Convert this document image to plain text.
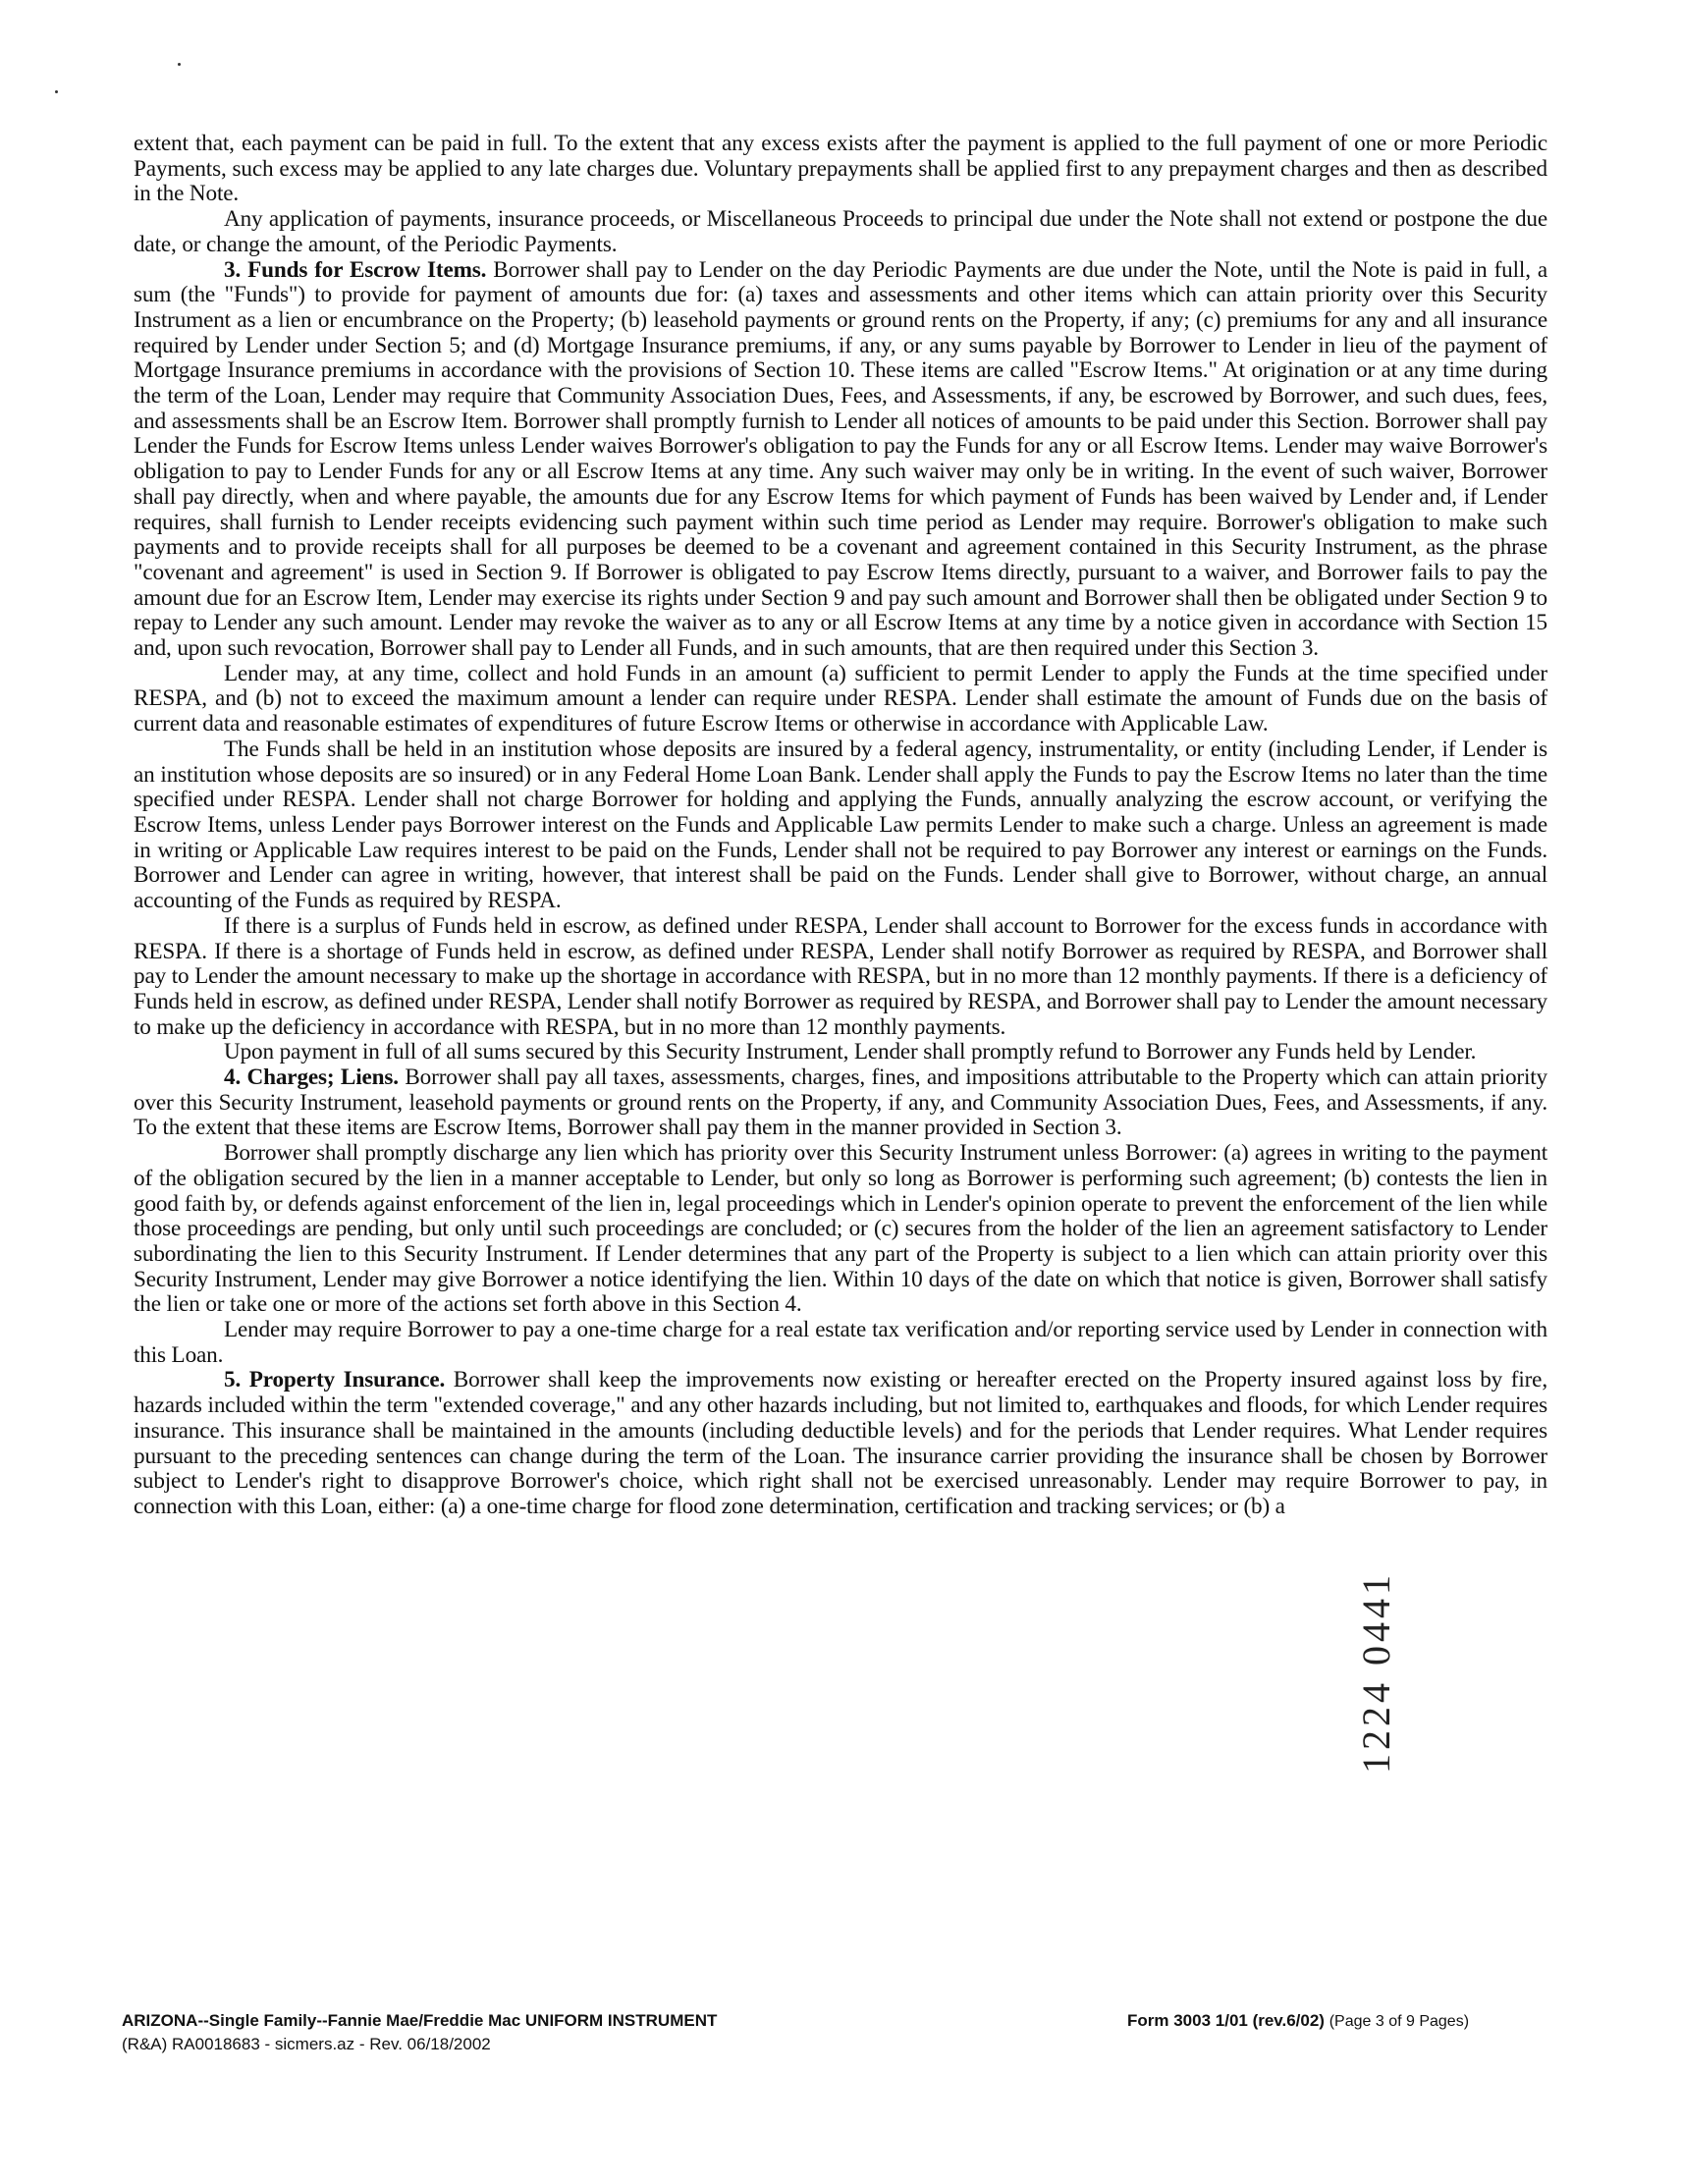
extent that, each payment can be paid in full. To the extent that any excess exists after the payment is applied to the full payment of one or more Periodic Payments, such excess may be applied to any late charges due. Voluntary prepayments shall be applied first to any prepayment charges and then as described in the Note.

Any application of payments, insurance proceeds, or Miscellaneous Proceeds to principal due under the Note shall not extend or postpone the due date, or change the amount, of the Periodic Payments.

3. Funds for Escrow Items. Borrower shall pay to Lender on the day Periodic Payments are due under the Note, until the Note is paid in full, a sum (the "Funds") to provide for payment of amounts due for: (a) taxes and assessments and other items which can attain priority over this Security Instrument as a lien or encumbrance on the Property; (b) leasehold payments or ground rents on the Property, if any; (c) premiums for any and all insurance required by Lender under Section 5; and (d) Mortgage Insurance premiums, if any, or any sums payable by Borrower to Lender in lieu of the payment of Mortgage Insurance premiums in accordance with the provisions of Section 10. These items are called "Escrow Items." At origination or at any time during the term of the Loan, Lender may require that Community Association Dues, Fees, and Assessments, if any, be escrowed by Borrower, and such dues, fees, and assessments shall be an Escrow Item. Borrower shall promptly furnish to Lender all notices of amounts to be paid under this Section. Borrower shall pay Lender the Funds for Escrow Items unless Lender waives Borrower's obligation to pay the Funds for any or all Escrow Items. Lender may waive Borrower's obligation to pay to Lender Funds for any or all Escrow Items at any time. Any such waiver may only be in writing. In the event of such waiver, Borrower shall pay directly, when and where payable, the amounts due for any Escrow Items for which payment of Funds has been waived by Lender and, if Lender requires, shall furnish to Lender receipts evidencing such payment within such time period as Lender may require. Borrower's obligation to make such payments and to provide receipts shall for all purposes be deemed to be a covenant and agreement contained in this Security Instrument, as the phrase "covenant and agreement" is used in Section 9. If Borrower is obligated to pay Escrow Items directly, pursuant to a waiver, and Borrower fails to pay the amount due for an Escrow Item, Lender may exercise its rights under Section 9 and pay such amount and Borrower shall then be obligated under Section 9 to repay to Lender any such amount. Lender may revoke the waiver as to any or all Escrow Items at any time by a notice given in accordance with Section 15 and, upon such revocation, Borrower shall pay to Lender all Funds, and in such amounts, that are then required under this Section 3.

Lender may, at any time, collect and hold Funds in an amount (a) sufficient to permit Lender to apply the Funds at the time specified under RESPA, and (b) not to exceed the maximum amount a lender can require under RESPA. Lender shall estimate the amount of Funds due on the basis of current data and reasonable estimates of expenditures of future Escrow Items or otherwise in accordance with Applicable Law.

The Funds shall be held in an institution whose deposits are insured by a federal agency, instrumentality, or entity (including Lender, if Lender is an institution whose deposits are so insured) or in any Federal Home Loan Bank. Lender shall apply the Funds to pay the Escrow Items no later than the time specified under RESPA. Lender shall not charge Borrower for holding and applying the Funds, annually analyzing the escrow account, or verifying the Escrow Items, unless Lender pays Borrower interest on the Funds and Applicable Law permits Lender to make such a charge. Unless an agreement is made in writing or Applicable Law requires interest to be paid on the Funds, Lender shall not be required to pay Borrower any interest or earnings on the Funds. Borrower and Lender can agree in writing, however, that interest shall be paid on the Funds. Lender shall give to Borrower, without charge, an annual accounting of the Funds as required by RESPA.

If there is a surplus of Funds held in escrow, as defined under RESPA, Lender shall account to Borrower for the excess funds in accordance with RESPA. If there is a shortage of Funds held in escrow, as defined under RESPA, Lender shall notify Borrower as required by RESPA, and Borrower shall pay to Lender the amount necessary to make up the shortage in accordance with RESPA, but in no more than 12 monthly payments. If there is a deficiency of Funds held in escrow, as defined under RESPA, Lender shall notify Borrower as required by RESPA, and Borrower shall pay to Lender the amount necessary to make up the deficiency in accordance with RESPA, but in no more than 12 monthly payments.

Upon payment in full of all sums secured by this Security Instrument, Lender shall promptly refund to Borrower any Funds held by Lender.

4. Charges; Liens. Borrower shall pay all taxes, assessments, charges, fines, and impositions attributable to the Property which can attain priority over this Security Instrument, leasehold payments or ground rents on the Property, if any, and Community Association Dues, Fees, and Assessments, if any. To the extent that these items are Escrow Items, Borrower shall pay them in the manner provided in Section 3.

Borrower shall promptly discharge any lien which has priority over this Security Instrument unless Borrower: (a) agrees in writing to the payment of the obligation secured by the lien in a manner acceptable to Lender, but only so long as Borrower is performing such agreement; (b) contests the lien in good faith by, or defends against enforcement of the lien in, legal proceedings which in Lender's opinion operate to prevent the enforcement of the lien while those proceedings are pending, but only until such proceedings are concluded; or (c) secures from the holder of the lien an agreement satisfactory to Lender subordinating the lien to this Security Instrument. If Lender determines that any part of the Property is subject to a lien which can attain priority over this Security Instrument, Lender may give Borrower a notice identifying the lien. Within 10 days of the date on which that notice is given, Borrower shall satisfy the lien or take one or more of the actions set forth above in this Section 4.

Lender may require Borrower to pay a one-time charge for a real estate tax verification and/or reporting service used by Lender in connection with this Loan.

5. Property Insurance. Borrower shall keep the improvements now existing or hereafter erected on the Property insured against loss by fire, hazards included within the term "extended coverage," and any other hazards including, but not limited to, earthquakes and floods, for which Lender requires insurance. This insurance shall be maintained in the amounts (including deductible levels) and for the periods that Lender requires. What Lender requires pursuant to the preceding sentences can change during the term of the Loan. The insurance carrier providing the insurance shall be chosen by Borrower subject to Lender's right to disapprove Borrower's choice, which right shall not be exercised unreasonably. Lender may require Borrower to pay, in connection with this Loan, either: (a) a one-time charge for flood zone determination, certification and tracking services; or (b) a

1224 0441
ARIZONA--Single Family--Fannie Mae/Freddie Mac UNIFORM INSTRUMENT
(R&A) RA0018683 - sicmers.az - Rev. 06/18/2002
Form 3003 1/01 (rev.6/02) (Page 3 of 9 Pages)
